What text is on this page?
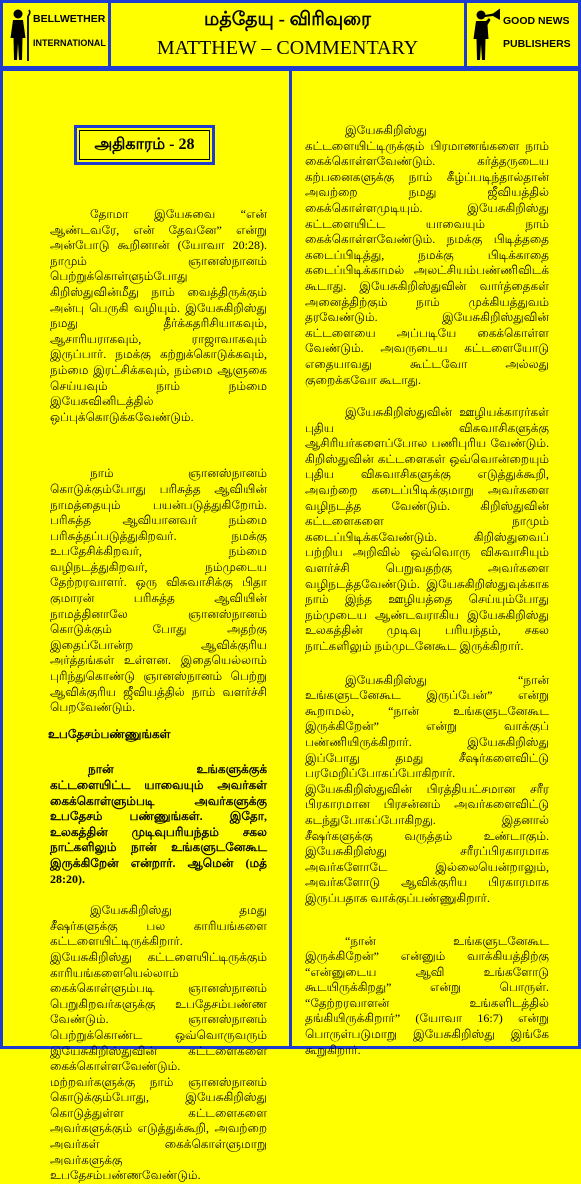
BELLWETHER
INTERNATIONAL
மத்தேயு - விரிவுரை
MATTHEW – COMMENTARY
GOOD NEWS
PUBLISHERS
அதிகாரம் - 28

தோமா இயேசுவை “என் ஆண்டவரே, என் தேவனே” என்று அன்போடு கூறினான் (யோவா 20:28). நாமும் ஞானஸ்நானம் பெற்றுக்கொள்ளும்போது கிறிஸ்துவின்மீது நாம் வைத்திருக்கும் அன்பு பெருகி வழியும். இயேசுகிறிஸ்து நமது தீர்க்கதரிசியாகவும், ஆசாரியராகவும், ராஜாவாகவும் இருப்பார். நமக்கு கற்றுக்கொடுக்கவும், நம்மை இரட்சிக்கவும், நம்மை ஆளுகை செய்யவும் நாம் நம்மை இயேசுவினிடத்தில் ஒப்புக்கொடுக்கவேண்டும்.

நாம் ஞானஸ்நானம் கொடுக்கும்போது பரிசுத்த ஆவியின் நாமத்தையும் பயன்படுத்துகிறோம். பரிசுத்த ஆவியானவர் நம்மை பரிசுத்தப்படுத்துகிறவர். நமக்கு உபதேசிக்கிறவர், நம்மை வழிநடத்துகிறவர், நம்முடைய தேற்றரவாளர். ஒரு விசுவாசிக்கு பிதா குமாரன் பரிசுத்த ஆவியின் நாமத்தினாலே ஞானஸ்நானம் கொடுக்கும் போது அதற்கு இதைப்போன்ற ஆவிக்குரிய அர்த்தங்கள் உள்ளன. இதையெல்லாம் புரிந்துகொண்டு ஞானஸ்நானம் பெற்று ஆவிக்குரிய ஜீவியத்தில் நாம் வளர்ச்சி பெறவேண்டும்.

உபதேசம்பண்ணுங்கள்

நான் உங்களுக்குக் கட்டளையிட்ட யாவையும் அவர்கள் கைக்கொள்ளும்படி அவர்களுக்கு உபதேசம் பண்ணுங்கள். இதோ, உலகத்தின் முடிவுபரியந்தம் சகல நாட்களிலும் நான் உங்களுடனேகூட இருக்கிறேன் என்றார். ஆமென் (மத் 28:20).

இயேசுகிறிஸ்து தமது சீஷர்களுக்கு பல காரியங்களை கட்டளையிட்டிருக்கிறார். இயேசுகிறிஸ்து கட்டளையிட்டிருக்கும் காரியங்களையெல்லாம் கைக்கொள்ளும்படி ஞானஸ்நானம் பெறுகிறவர்களுக்கு உபதேசம்பண்ண வேண்டும். ஞானஸ்நானம் பெற்றுக்கொண்ட ஒவ்வொருவரும் இயேசுகிறிஸ்துவின் கட்டளைகளை கைக்கொள்ளவேண்டும். மற்றவர்களுக்கு நாம் ஞானஸ்நானம் கொடுக்கும்போது, இயேசுகிறிஸ்து கொடுத்துள்ள கட்டளைகளை அவர்களுக்கும் எடுத்துக்கூறி, அவற்றை அவர்கள் கைக்கொள்ளுமாறு அவர்களுக்கு உபதேசம்பண்ணவேண்டும்.

இயேசுகிறிஸ்து கட்டளையிட்டிருக்கும் பிரமாணங்களை நாம் கைக்கொள்ளவேண்டும். கர்த்தருடைய கற்பனைகளுக்கு நாம் கீழ்ப்படிந்தால்தான் அவற்றை நமது ஜீவியத்தில் கைக்கொள்ளமுடியும். இயேசுகிறிஸ்து கட்டளையிட்ட யாவையும் நாம் கைக்கொள்ளவேண்டும். நமக்கு பிடித்ததை கடைப்பிடித்து, நமக்கு பிடிக்காதை கடைப்பிடிக்காமல் அலட்சியம்பண்ணிவிடக் கூடாது. இயேசுகிறிஸ்துவின் வார்த்தைகள் அனைத்திற்கும் நாம் முக்கியத்துவம் தரவேண்டும். இயேசுகிறிஸ்துவின் கட்டளையை அப்படியே கைக்கொள்ள வேண்டும். அவருடைய கட்டளையோடு எதையாவது கூட்டவோ அல்லது குறைக்கவோ கூடாது.

இயேசுகிறிஸ்துவின் ஊழியக்காரர்கள் புதிய விசுவாசிகளுக்கு ஆசிரியர்களைப்போல பணிபுரிய வேண்டும். கிறிஸ்துவின் கட்டளைகள் ஒவ்வொன்றையும் புதிய விசுவாசிகளுக்கு எடுத்துக்கூறி, அவற்றை கடைப்பிடிக்குமாறு அவர்களை வழிநடத்த வேண்டும். கிறிஸ்துவின் கட்டளைகளை நாமும் கடைப்பிடிக்கவேண்டும். கிறிஸ்துவைப் பற்றிய அறிவில் ஒவ்வொரு விசுவாசியும் வளர்ச்சி பெறுவதற்கு அவர்களை வழிநடத்தவேண்டும். இயேசுகிறிஸ்துவுக்காக நாம் இந்த ஊழியத்தை செய்யும்போது நம்முடைய ஆண்டவராகிய இயேசுகிறிஸ்து உலகத்தின் முடிவு பரியந்தம், சகல நாட்களிலும் நம்முடனேகூட இருக்கிறார்.

இயேசுகிறிஸ்து “நான் உங்களுடனேகூட இருப்பேன்” என்று கூறாமல், “நான் உங்களுடனேகூட இருக்கிறேன்” என்று வாக்குப் பண்ணியிருக்கிறார். இயேசுகிறிஸ்து இப்போது தமது சீஷர்களைவிட்டு பரமேறிப்போகப்போகிறார். இயேசுகிறிஸ்துவின் பிரத்தியட்சமான சரீர பிரகாரமான பிரசன்னம் அவர்களைவிட்டு கடந்துபோகப்போகிறது. இதனால் சீஷர்களுக்கு வருத்தம் உண்டாகும். இயேசுகிறிஸ்து சரீரப்பிரகாரமாக அவர்களோடே இல்லையென்றாலும், அவர்களோடு ஆவிக்குரிய பிரகாரமாக இருப்பதாக வாக்குப்பண்ணுகிறார்.

“நான் உங்களுடனேகூட இருக்கிறேன்” என்னும் வாக்கியத்திற்கு “என்னுடைய ஆவி உங்களோடு கூடயிருக்கிறது” என்று பொருள். “தேற்றரவாளன் உங்களிடத்தில் தங்கியிருக்கிறார்” (யோவா 16:7) என்று பொருள்படுமாறு இயேசுகிறிஸ்து இங்கே கூறுகிறார்.
